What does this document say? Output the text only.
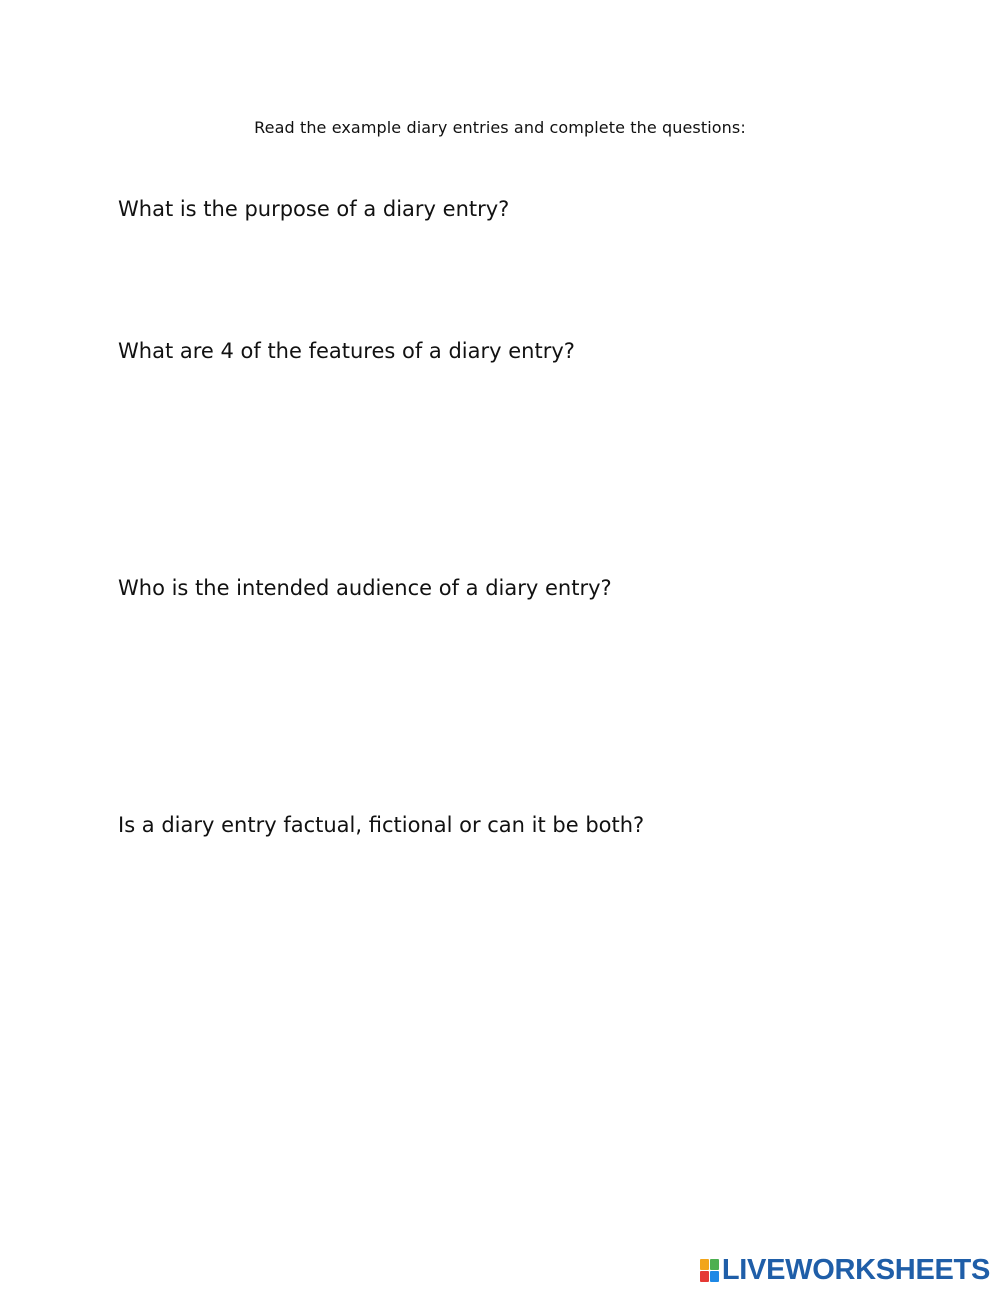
Read the example diary entries and complete the questions:
What is the purpose of a diary entry?
What are 4 of the features of a diary entry?
Who is the intended audience of a diary entry?
Is a diary entry factual, fictional or can it be both?
LIVEWORKSHEETS
